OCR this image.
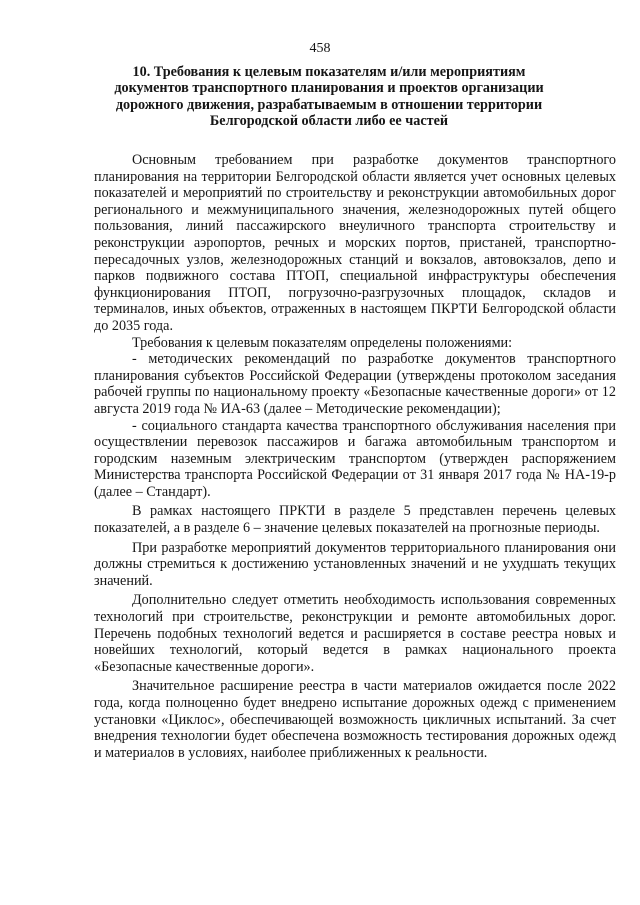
458
10. Требования к целевым показателям и/или мероприятиям документов транспортного планирования и проектов организации дорожного движения, разрабатываемым в отношении территории Белгородской области либо ее частей

Основным требованием при разработке документов транспортного планирования на территории Белгородской области является учет основных целевых показателей и мероприятий по строительству и реконструкции автомобильных дорог регионального и межмуниципального значения, железнодорожных путей общего пользования, линий пассажирского внеуличного транспорта строительству и реконструкции аэропортов, речных и морских портов, пристаней, транспортно-пересадочных узлов, железнодорожных станций и вокзалов, автовокзалов, депо и парков подвижного состава ПТОП, специальной инфраструктуры обеспечения функционирования ПТОП, погрузочно-разгрузочных площадок, складов и терминалов, иных объектов, отраженных в настоящем ПКРТИ Белгородской области до 2035 года.

Требования к целевым показателям определены положениями:

- методических рекомендаций по разработке документов транспортного планирования субъектов Российской Федерации (утверждены протоколом заседания рабочей группы по национальному проекту «Безопасные качественные дороги» от 12 августа 2019 года № ИА-63 (далее – Методические рекомендации);

- социального стандарта качества транспортного обслуживания населения при осуществлении перевозок пассажиров и багажа автомобильным транспортом и городским наземным электрическим транспортом (утвержден распоряжением Министерства транспорта Российской Федерации от 31 января 2017 года № НА-19-р (далее – Стандарт).

В рамках настоящего ПРКТИ в разделе 5 представлен перечень целевых показателей, а в разделе 6 – значение целевых показателей на прогнозные периоды.

При разработке мероприятий документов территориального планирования они должны стремиться к достижению установленных значений и не ухудшать текущих значений.

Дополнительно следует отметить необходимость использования современных технологий при строительстве, реконструкции и ремонте автомобильных дорог. Перечень подобных технологий ведется и расширяется в составе реестра новых и новейших технологий, который ведется в рамках национального проекта «Безопасные качественные дороги».

Значительное расширение реестра в части материалов ожидается после 2022 года, когда полноценно будет внедрено испытание дорожных одежд с применением установки «Циклос», обеспечивающей возможность цикличных испытаний. За счет внедрения технологии будет обеспечена возможность тестирования дорожных одежд и материалов в условиях, наиболее приближенных к реальности.
